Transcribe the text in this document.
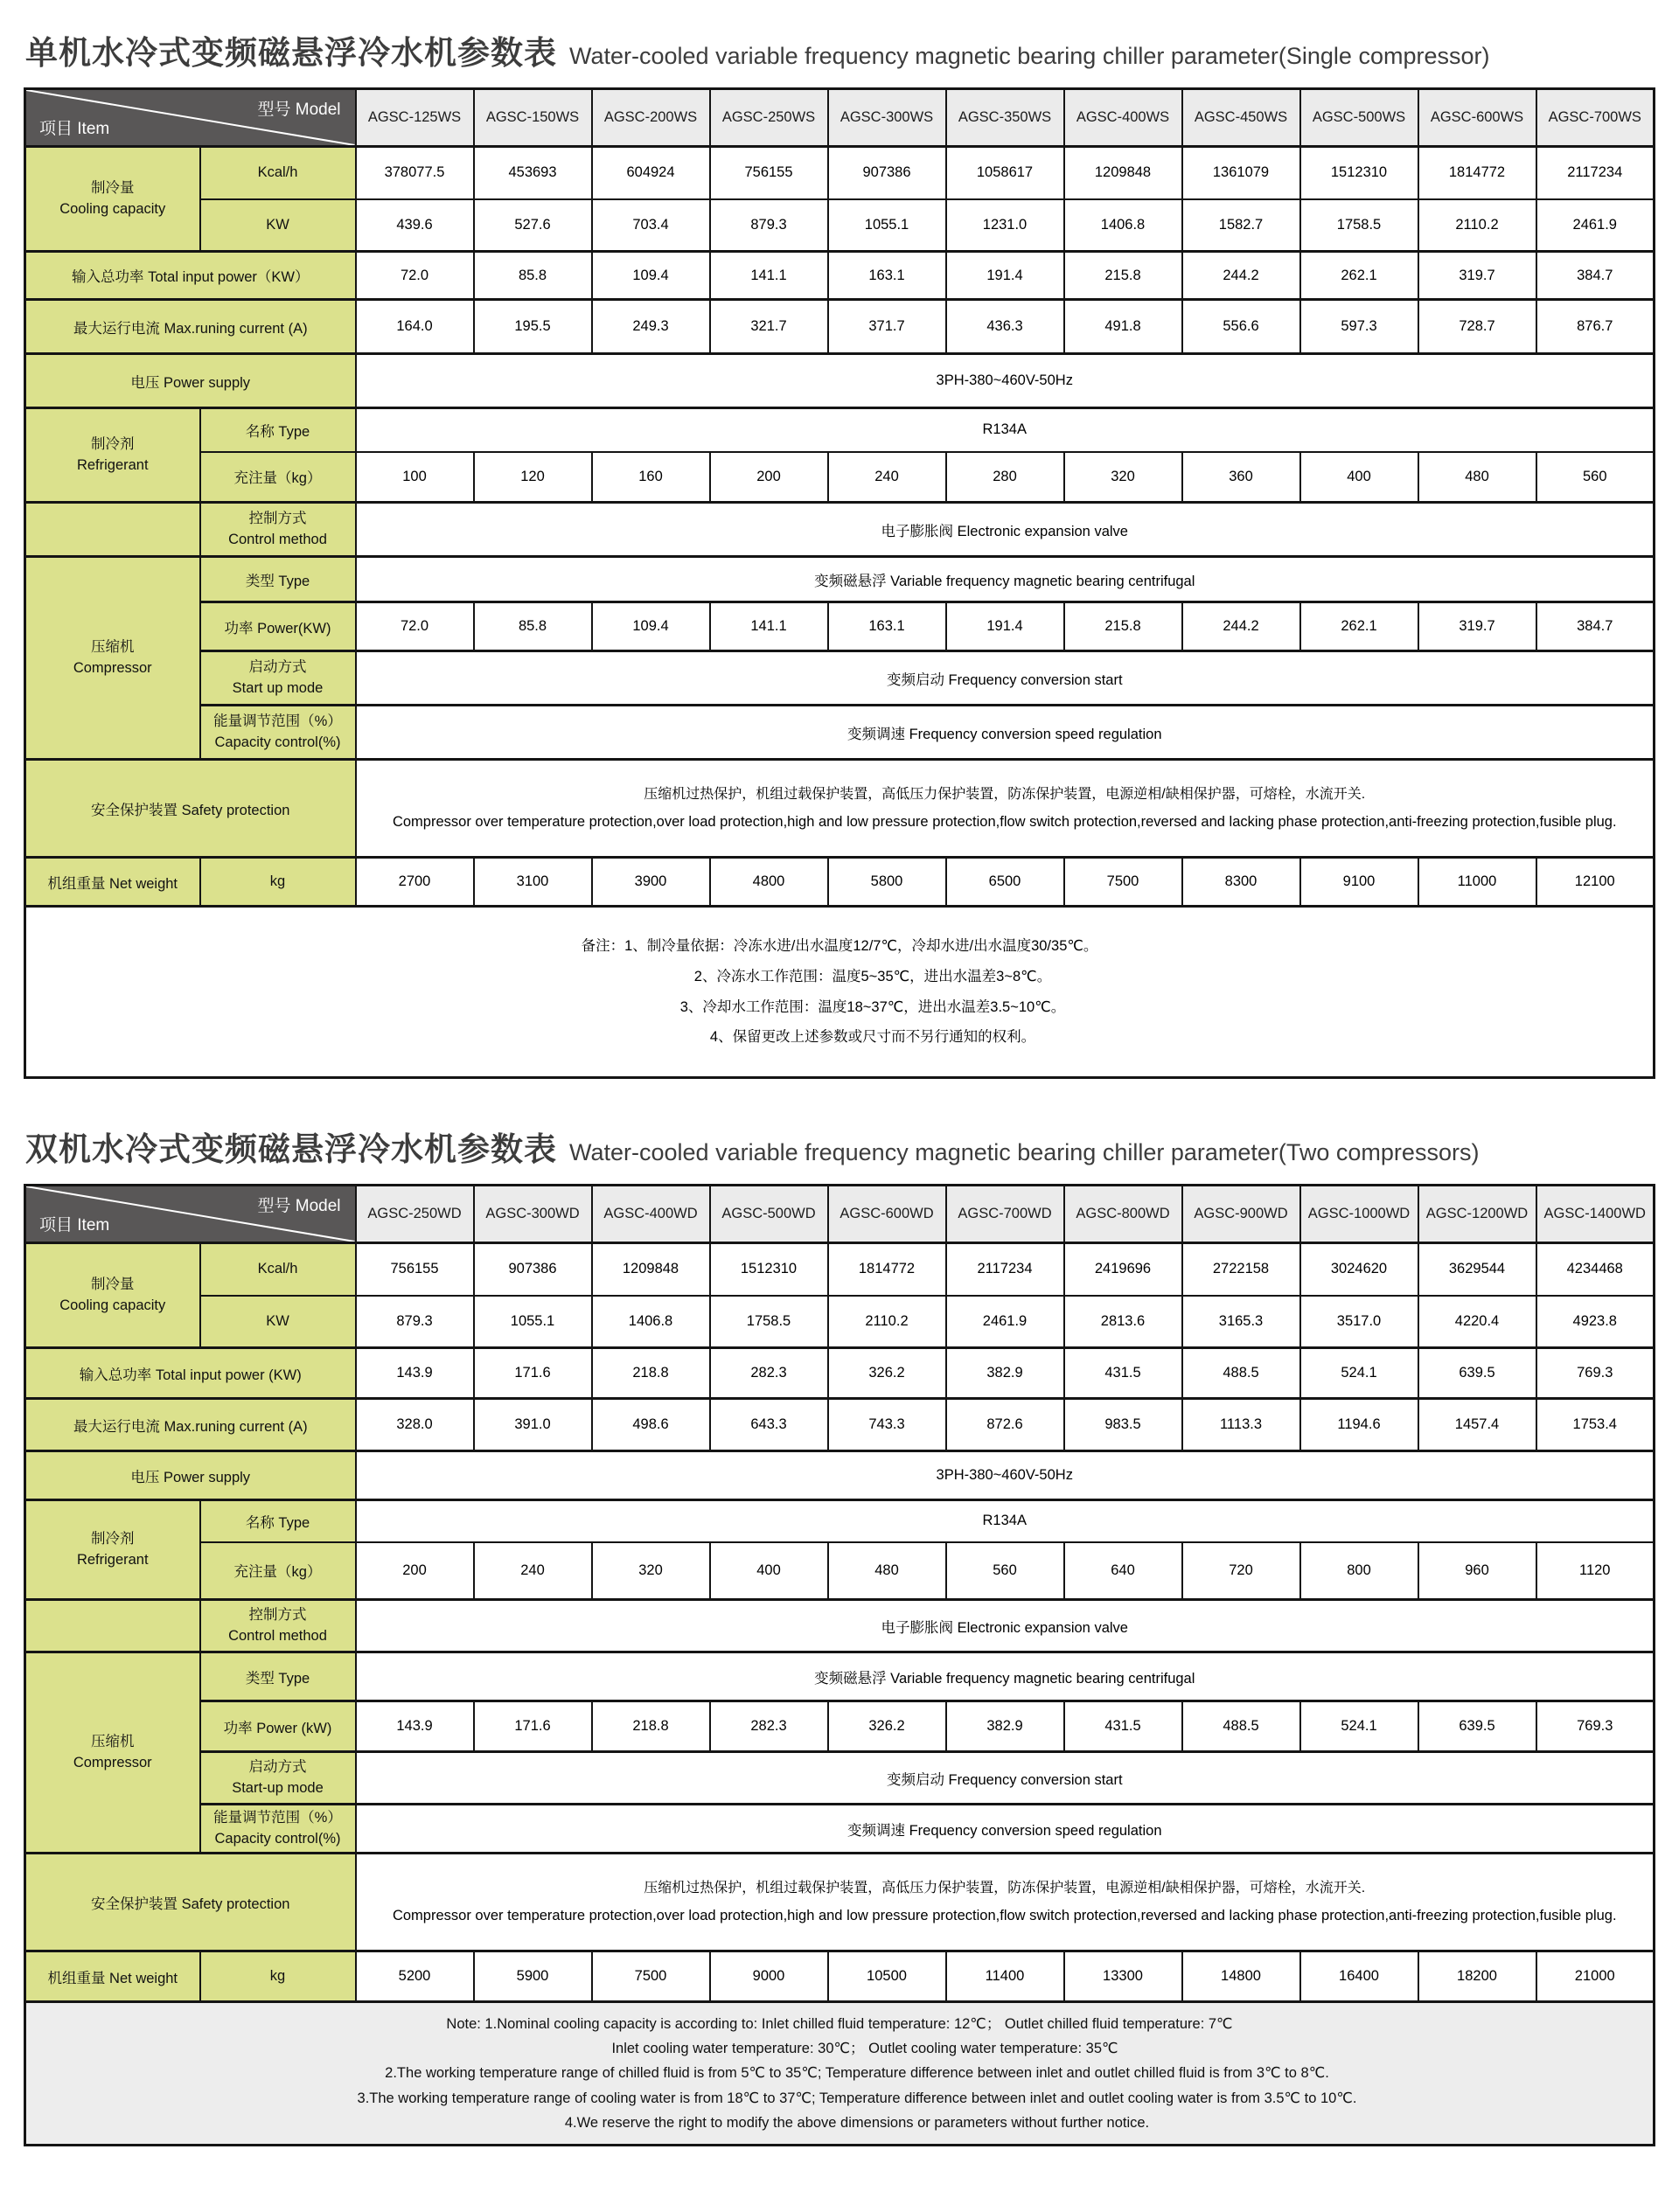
单机水冷式变频磁悬浮冷水机参数表 Water-cooled variable frequency magnetic bearing chiller parameter(Single compressor)
型号 Model
项目 Item		AGSC-125WS	AGSC-150WS	AGSC-200WS	AGSC-250WS	AGSC-300WS	AGSC-350WS	AGSC-400WS	AGSC-450WS	AGSC-500WS	AGSC-600WS	AGSC-700WS

制冷量
Cooling capacity	Kcal/h	378077.5	453693	604924	756155	907386	1058617	1209848	1361079	1512310	1814772	2117234
	KW	439.6	527.6	703.4	879.3	1055.1	1231.0	1406.8	1582.7	1758.5	2110.2	2461.9
输入总功率 Total input power（KW）		72.0	85.8	109.4	141.1	163.1	191.4	215.8	244.2	262.1	319.7	384.7
最大运行电流 Max.runing current (A)		164.0	195.5	249.3	321.7	371.7	436.3	491.8	556.6	597.3	728.7	876.7
电压 Power supply		3PH-380~460V-50Hz										

制冷剂
Refrigerant	名称 Type	R134A										
	充注量（kg）	100	120	160	200	240	280	320	360	400	480	560

	控制方式
Control method	电子膨胀阀 Electronic expansion valve										

压缩机
Compressor	类型 Type	变频磁悬浮 Variable frequency magnetic bearing centrifugal										
	功率 Power(KW)	72.0	85.8	109.4	141.1	163.1	191.4	215.8	244.2	262.1	319.7	384.7

	启动方式
Start up mode	变频启动 Frequency conversion start										

	能量调节范围（%）
Capacity control(%)	变频调速 Frequency conversion speed regulation										
安全保护装置 Safety protection		压缩机过热保护，机组过载保护装置，高低压力保护装置，防冻保护装置，电源逆相/缺相保护器，可熔栓，水流开关.
Compressor over temperature protection,over load protection,high and low pressure protection,flow switch protection,reversed and lacking phase protection,anti-freezing protection,fusible plug.										

机组重量 Net weight	kg	2700	3100	3900	4800	5800	6500	7500	8300	9100	11000	12100

备注：1、制冷量依据：冷冻水进/出水温度12/7℃，冷却水进/出水温度30/35℃。
2、冷冻水工作范围：温度5~35℃，进出水温差3~8℃。
3、冷却水工作范围：温度18~37℃，进出水温差3.5~10℃。
4、保留更改上述参数或尺寸而不另行通知的权利。												
双机水冷式变频磁悬浮冷水机参数表 Water-cooled variable frequency magnetic bearing chiller parameter(Two compressors)
型号 Model
项目 Item		AGSC-250WD	AGSC-300WD	AGSC-400WD	AGSC-500WD	AGSC-600WD	AGSC-700WD	AGSC-800WD	AGSC-900WD	AGSC-1000WD	AGSC-1200WD	AGSC-1400WD

制冷量
Cooling capacity	Kcal/h	756155	907386	1209848	1512310	1814772	2117234	2419696	2722158	3024620	3629544	4234468
	KW	879.3	1055.1	1406.8	1758.5	2110.2	2461.9	2813.6	3165.3	3517.0	4220.4	4923.8
输入总功率 Total input power (KW)		143.9	171.6	218.8	282.3	326.2	382.9	431.5	488.5	524.1	639.5	769.3
最大运行电流 Max.runing current (A)		328.0	391.0	498.6	643.3	743.3	872.6	983.5	1113.3	1194.6	1457.4	1753.4
电压 Power supply		3PH-380~460V-50Hz										

制冷剂
Refrigerant	名称 Type	R134A										
	充注量（kg）	200	240	320	400	480	560	640	720	800	960	1120

	控制方式
Control method	电子膨胀阀 Electronic expansion valve										

压缩机
Compressor	类型 Type	变频磁悬浮 Variable frequency magnetic bearing centrifugal										
	功率 Power (kW)	143.9	171.6	218.8	282.3	326.2	382.9	431.5	488.5	524.1	639.5	769.3

	启动方式
Start-up mode	变频启动 Frequency conversion start										

	能量调节范围（%）
Capacity control(%)	变频调速 Frequency conversion speed regulation										
安全保护装置 Safety protection		压缩机过热保护，机组过载保护装置，高低压力保护装置，防冻保护装置，电源逆相/缺相保护器，可熔栓，水流开关.
Compressor over temperature protection,over load protection,high and low pressure protection,flow switch protection,reversed and lacking phase protection,anti-freezing protection,fusible plug.										

机组重量 Net weight	kg	5200	5900	7500	9000	10500	11400	13300	14800	16400	18200	21000

Note: 1.Nominal cooling capacity is according to: Inlet chilled fluid temperature: 12℃； Outlet chilled fluid temperature: 7℃
Inlet cooling water temperature: 30℃； Outlet cooling water temperature: 35℃
2.The working temperature range of chilled fluid is from 5℃ to 35℃; Temperature difference between inlet and outlet chilled fluid is from 3℃ to 8℃.
3.The working temperature range of cooling water is from 18℃ to 37℃; Temperature difference between inlet and outlet cooling water is from 3.5℃ to 10℃.
4.We reserve the right to modify the above dimensions or parameters without further notice.												
